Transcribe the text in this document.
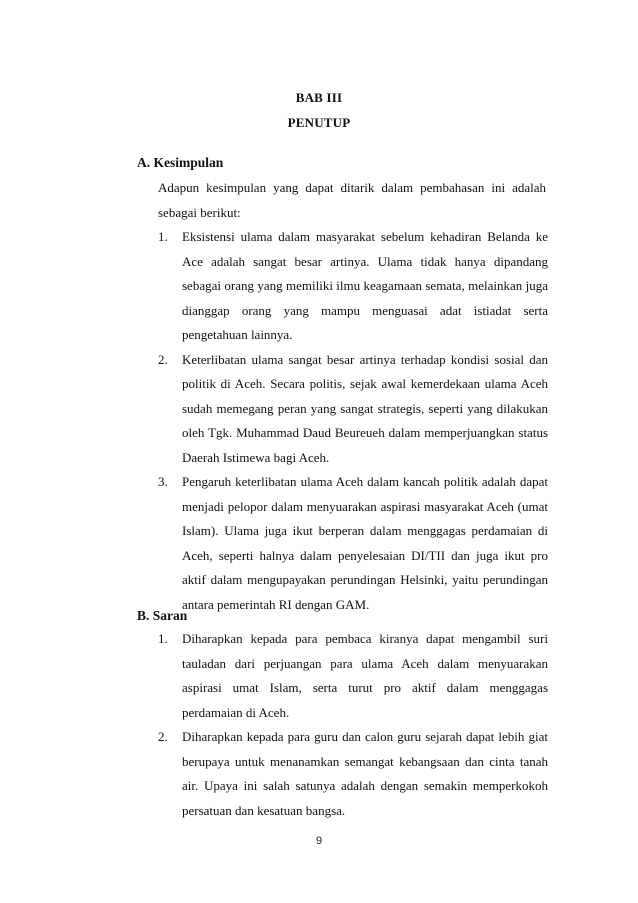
BAB III
PENUTUP
A. Kesimpulan
Adapun kesimpulan yang dapat ditarik dalam pembahasan ini adalah sebagai berikut:
1. Eksistensi ulama dalam masyarakat sebelum kehadiran Belanda ke Ace adalah sangat besar artinya. Ulama tidak hanya dipandang sebagai orang yang memiliki ilmu keagamaan semata, melainkan juga dianggap orang yang mampu menguasai adat istiadat serta pengetahuan lainnya.
2. Keterlibatan ulama sangat besar artinya terhadap kondisi sosial dan politik di Aceh. Secara politis, sejak awal kemerdekaan ulama Aceh sudah memegang peran yang sangat strategis, seperti yang dilakukan oleh Tgk. Muhammad Daud Beureueh dalam memperjuangkan status Daerah Istimewa bagi Aceh.
3. Pengaruh keterlibatan ulama Aceh dalam kancah politik adalah dapat menjadi pelopor dalam menyuarakan aspirasi masyarakat Aceh (umat Islam). Ulama juga ikut berperan dalam menggagas perdamaian di Aceh, seperti halnya dalam penyelesaian DI/TII dan juga ikut pro aktif dalam mengupayakan perundingan Helsinki, yaitu perundingan antara pemerintah RI dengan GAM.
B. Saran
1. Diharapkan kepada para pembaca kiranya dapat mengambil suri tauladan dari perjuangan para ulama Aceh dalam menyuarakan aspirasi umat Islam, serta turut pro aktif dalam menggagas perdamaian di Aceh.
2. Diharapkan kepada para guru dan calon guru sejarah dapat lebih giat berupaya untuk menanamkan semangat kebangsaan dan cinta tanah air. Upaya ini salah satunya adalah dengan semakin memperkokoh persatuan dan kesatuan bangsa.
9
